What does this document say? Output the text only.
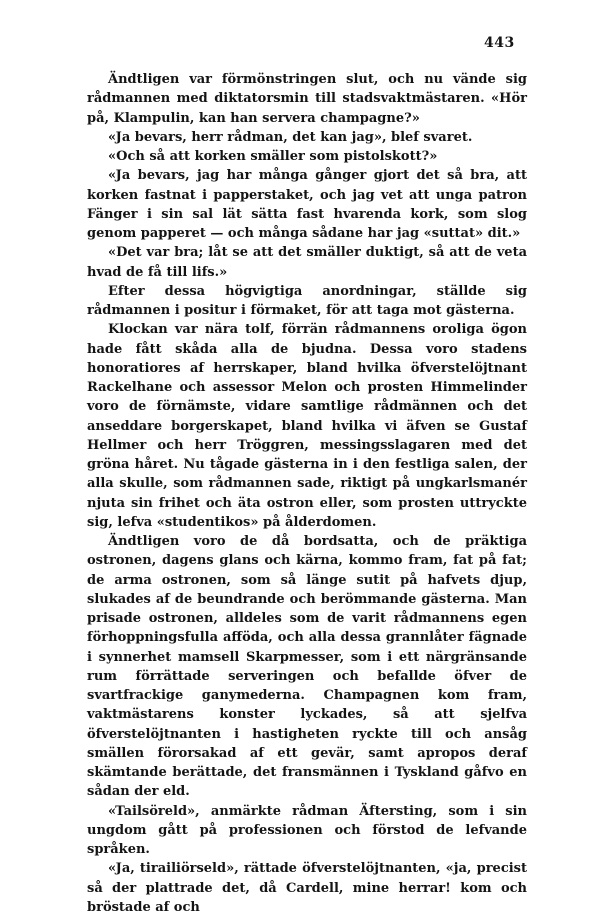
443

Ändtligen var förmönstringen slut, och nu vände sig rådmannen med diktatorsmin till stadsvaktmästaren. «Hör på, Klampulin, kan han servera champagne?»

«Ja bevars, herr rådman, det kan jag», blef svaret.

«Och så att korken smäller som pistolskott?»

«Ja bevars, jag har många gånger gjort det så bra, att korken fastnat i papperstaket, och jag vet att unga patron Fänger i sin sal lät sätta fast hvarenda kork, som slog genom papperet — och många sådane har jag «suttat» dit.»

«Det var bra; låt se att det smäller duktigt, så att de veta hvad de få till lifs.»

Efter dessa högvigtiga anordningar, ställde sig rådmannen i positur i förmaket, för att taga mot gästerna.

Klockan var nära tolf, förrän rådmannens oroliga ögon hade fått skåda alla de bjudna. Dessa voro stadens honoratiores af herrskaper, bland hvilka öfverstelöjtnant Rackelhane och assessor Melon och prosten Himmelinder voro de förnämste, vidare samtlige rådmännen och det anseddare borgerskapet, bland hvilka vi äfven se Gustaf Hellmer och herr Tröggren, messingsslagaren med det gröna håret. Nu tågade gästerna in i den festliga salen, der alla skulle, som rådmannen sade, riktigt på ungkarlsmanér njuta sin frihet och äta ostron eller, som prosten uttryckte sig, lefva «studentikos» på ålderdomen.

Ändtligen voro de då bordsatta, och de präktiga ostronen, dagens glans och kärna, kommo fram, fat på fat; de arma ostronen, som så länge sutit på hafvets djup, slukades af de beundrande och berömmande gästerna. Man prisade ostronen, alldeles som de varit rådmannens egen förhoppningsfulla afföda, och alla dessa grannlåter fägnade i synnerhet mamsell Skarpmesser, som i ett närgränsande rum förrättade serveringen och befallde öfver de svartfrackige ganymederna. Champagnen kom fram, vaktmästarens konster lyckades, så att sjelfva öfverstelöjtnanten i hastigheten ryckte till och ansåg smällen förorsakad af ett gevär, samt apropos deraf skämtande berättade, det fransmännen i Tyskland gåfvo en sådan der eld.

«Tailsöreld», anmärkte rådman Äftersting, som i sin ungdom gått på professionen och förstod de lefvande språken.

«Ja, tirailiörseld», rättade öfverstelöjtnanten, «ja, precist så der plattrade det, då Cardell, mine herrar! kom och bröstade af och
